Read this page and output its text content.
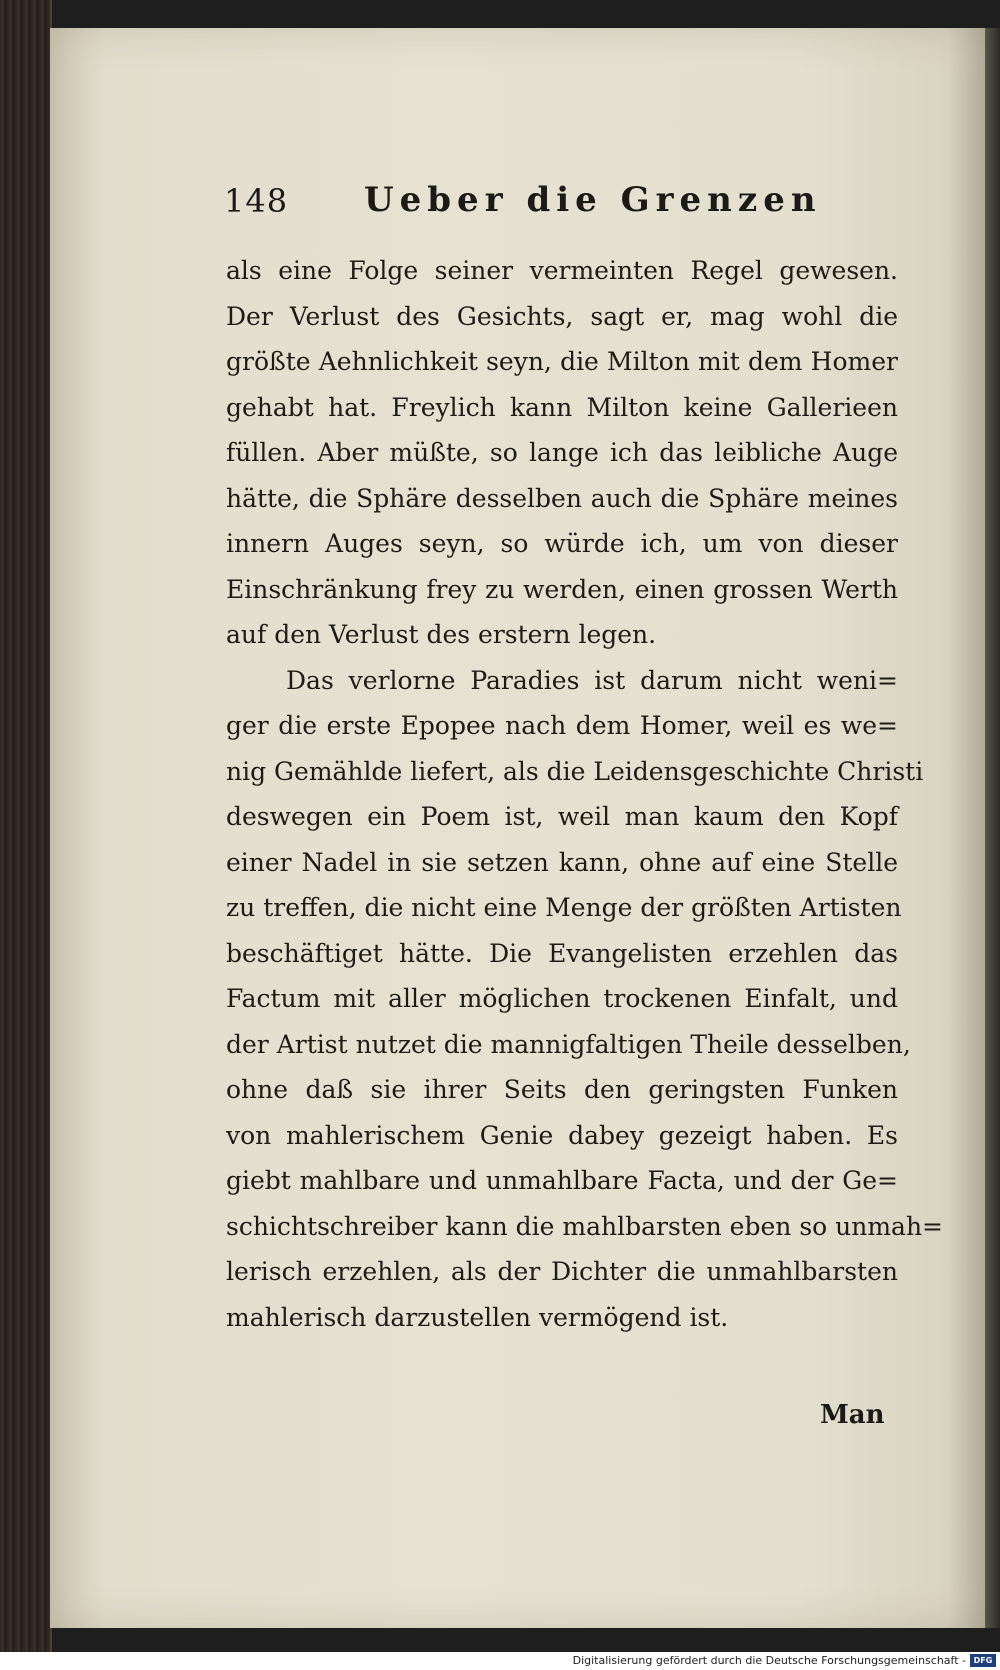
148 Ueber die Grenzen
als eine Folge seiner vermeinten Regel gewesen.
Der Verlust des Gesichts, sagt er, mag wohl die
größte Aehnlichkeit seyn, die Milton mit dem Homer
gehabt hat. Freylich kann Milton keine Gallerieen
füllen. Aber müßte, so lange ich das leibliche Auge
hätte, die Sphäre desselben auch die Sphäre meines
innern Auges seyn, so würde ich, um von dieser
Einschränkung frey zu werden, einen grossen Werth
auf den Verlust des erstern legen.
Das verlorne Paradies ist darum nicht weni=
ger die erste Epopee nach dem Homer, weil es we=
nig Gemählde liefert, als die Leidensgeschichte Christi
deswegen ein Poem ist, weil man kaum den Kopf
einer Nadel in sie setzen kann, ohne auf eine Stelle
zu treffen, die nicht eine Menge der größten Artisten
beschäftiget hätte. Die Evangelisten erzehlen das
Factum mit aller möglichen trockenen Einfalt, und
der Artist nutzet die mannigfaltigen Theile desselben,
ohne daß sie ihrer Seits den geringsten Funken
von mahlerischem Genie dabey gezeigt haben. Es
giebt mahlbare und unmahlbare Facta, und der Ge=
schichtschreiber kann die mahlbarsten eben so unmah=
lerisch erzehlen, als der Dichter die unmahlbarsten
mahlerisch darzustellen vermögend ist.
Man
Digitalisierung gefördert durch die Deutsche Forschungsgemeinschaft - DFG
